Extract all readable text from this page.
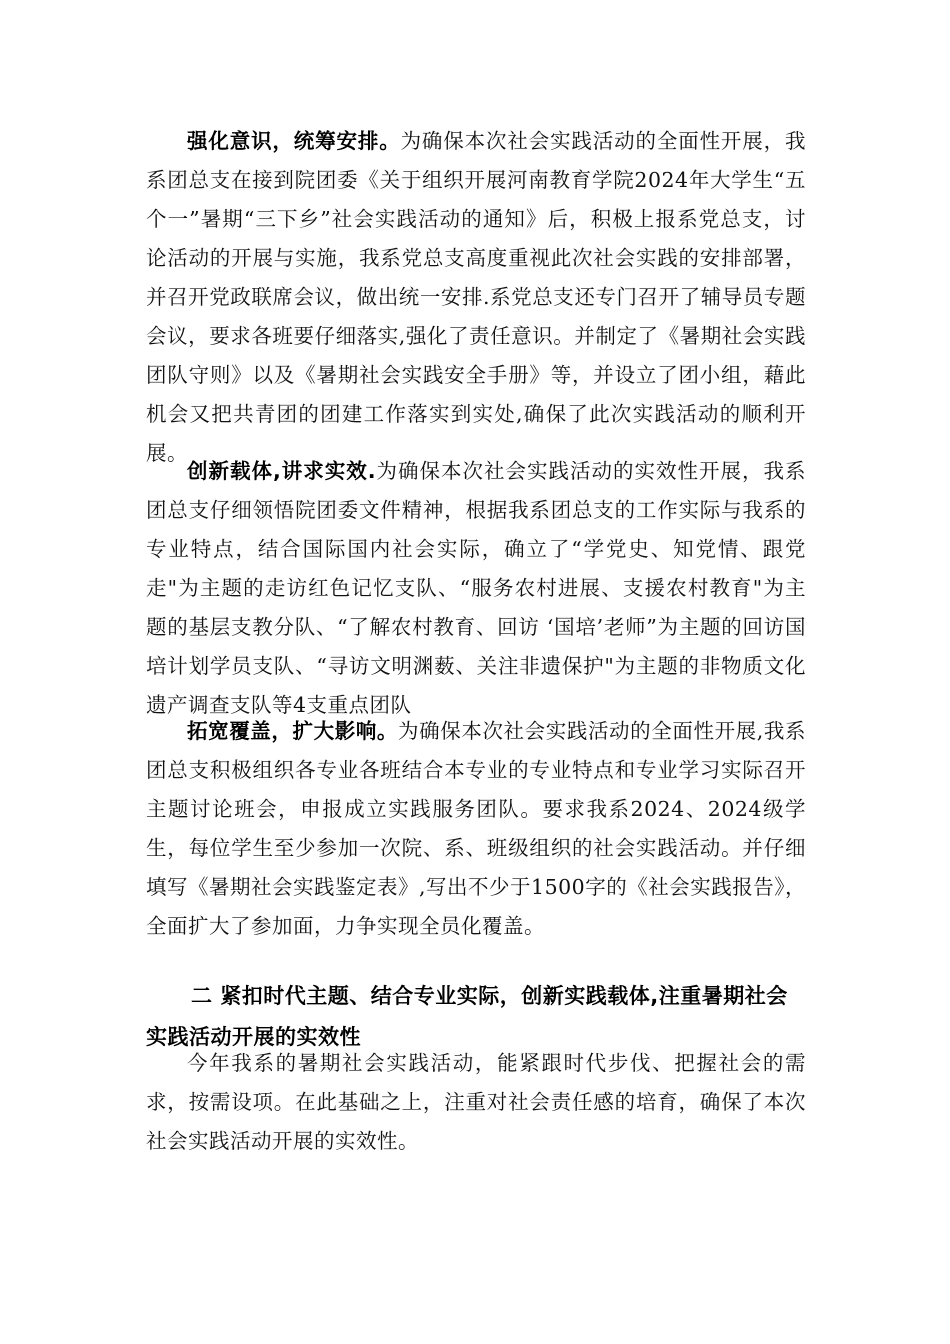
强化意识，统筹安排。为确保本次社会实践活动的全面性开展，我系团总支在接到院团委《关于组织开展河南教育学院2024年大学生“五个一”暑期“三下乡”社会实践活动的通知》后，积极上报系党总支，讨论活动的开展与实施，我系党总支高度重视此次社会实践的安排部署，并召开党政联席会议，做出统一安排.系党总支还专门召开了辅导员专题会议，要求各班要仔细落实,强化了责任意识。并制定了《暑期社会实践团队守则》以及《暑期社会实践安全手册》等，并设立了团小组，藉此机会又把共青团的团建工作落实到实处,确保了此次实践活动的顺利开展。

创新载体,讲求实效.为确保本次社会实践活动的实效性开展，我系团总支仔细领悟院团委文件精神，根据我系团总支的工作实际与我系的专业特点，结合国际国内社会实际，确立了“学党史、知党情、跟党走"为主题的走访红色记忆支队、“服务农村进展、支援农村教育"为主题的基层支教分队、“了解农村教育、回访 ‘国培’老师”为主题的回访国培计划学员支队、“寻访文明渊薮、关注非遗保护"为主题的非物质文化遗产调查支队等4支重点团队

拓宽覆盖，扩大影响。为确保本次社会实践活动的全面性开展,我系团总支积极组织各专业各班结合本专业的专业特点和专业学习实际召开主题讨论班会，申报成立实践服务团队。要求我系2024、2024级学生，每位学生至少参加一次院、系、班级组织的社会实践活动。并仔细填写《暑期社会实践鉴定表》,写出不少于1500字的《社会实践报告》，全面扩大了参加面，力争实现全员化覆盖。

二 紧扣时代主题、结合专业实际，创新实践载体,注重暑期社会实践活动开展的实效性

今年我系的暑期社会实践活动，能紧跟时代步伐、把握社会的需求，按需设项。在此基础之上，注重对社会责任感的培育，确保了本次社会实践活动开展的实效性。
